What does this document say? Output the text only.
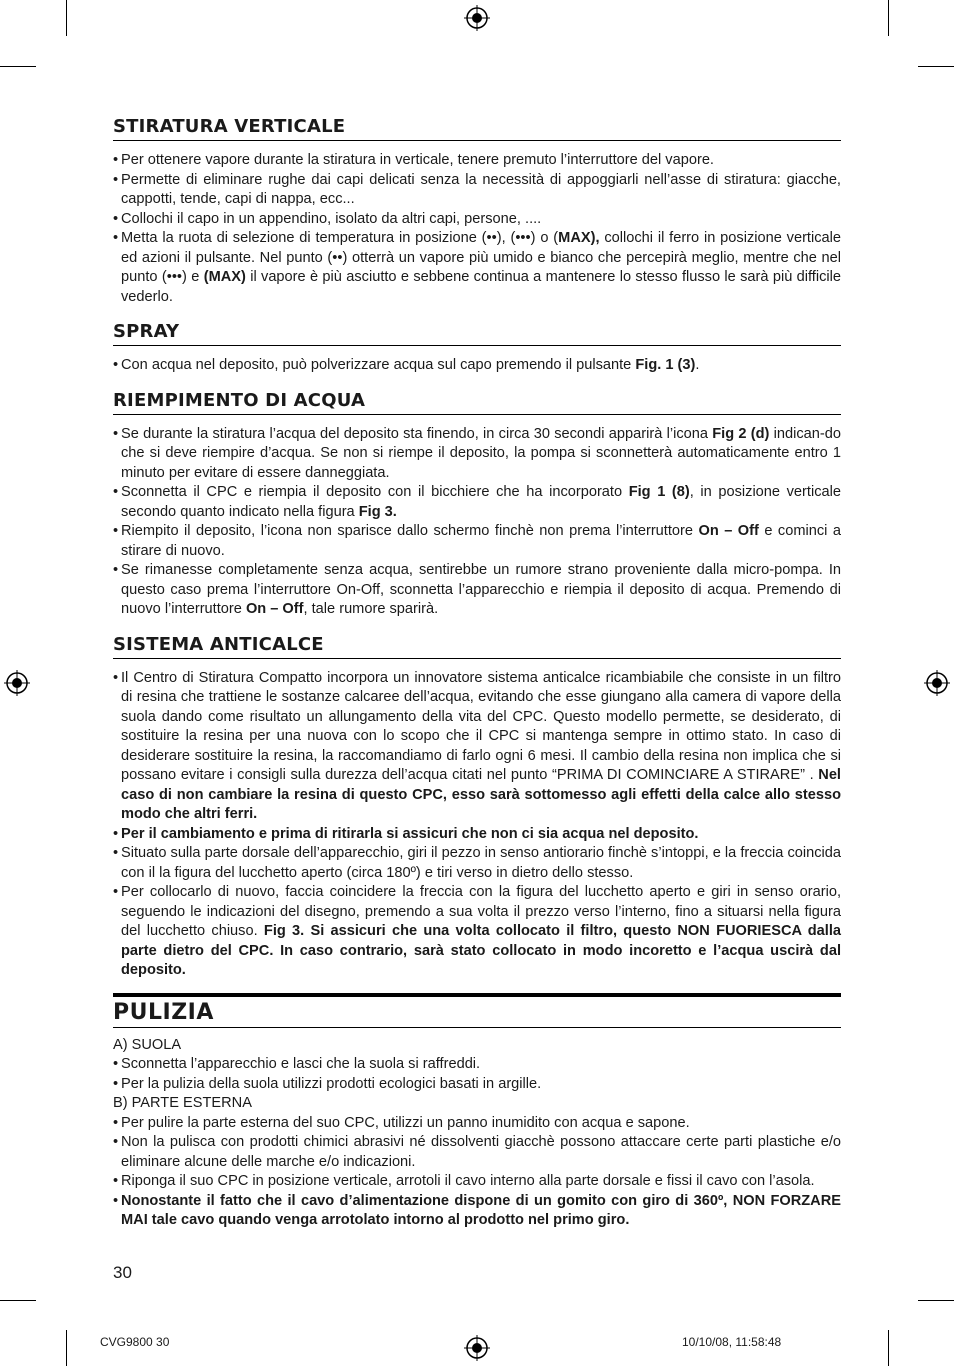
STIRATURA VERTICALE
• Per ottenere vapore durante la stiratura in verticale, tenere premuto l’interruttore del vapore.
• Permette di eliminare rughe dai capi delicati senza la necessità di appoggiarli nell’asse di stiratura: giacche, cappotti, tende, capi di nappa, ecc...
• Collochi il capo in un appendino, isolato da altri capi, persone, ....
• Metta la ruota di selezione di temperatura in posizione (••), (•••) o (MAX), collochi il ferro in posizione verticale ed azioni il pulsante. Nel punto (••) otterrà un vapore più umido e bianco che percepirà meglio, mentre che nel punto (•••) e (MAX) il vapore è più asciutto e sebbene continua a mantenere lo stesso flusso le sarà più difficile vederlo.
SPRAY
• Con acqua nel deposito, può polverizzare acqua sul capo premendo il pulsante Fig. 1 (3).
RIEMPIMENTO DI ACQUA
• Se durante la stiratura l’acqua del deposito sta finendo, in circa 30 secondi apparirà l’icona Fig 2 (d) indican-do che si deve riempire d’acqua. Se non si riempe il deposito, la pompa si sconnetterà automaticamente entro 1 minuto per evitare di essere danneggiata.
• Sconnetta il CPC e riempia il deposito con il bicchiere che ha incorporato Fig 1 (8), in posizione verticale secondo quanto indicato nella figura Fig 3.
• Riempito il deposito, l’icona non sparisce dallo schermo finchè non prema l’interruttore On – Off e cominci a stirare di nuovo.
• Se rimanesse completamente senza acqua, sentirebbe un rumore strano proveniente dalla micro-pompa. In questo caso prema l’interruttore On-Off, sconnetta l’apparecchio e riempia il deposito di acqua. Premendo di nuovo l’interruttore On – Off, tale rumore sparirà.
SISTEMA ANTICALCE
• Il Centro di Stiratura Compatto incorpora un innovatore sistema anticalce ricambiabile che consiste in un filtro di resina che trattiene le sostanze calcaree dell’acqua, evitando che esse giungano alla camera di vapore della suola dando come risultato un allungamento della vita del CPC. Questo modello permette, se desiderato, di sostituire la resina per una nuova con lo scopo che il CPC si mantenga sempre in ottimo stato. In caso di desiderare sostituire la resina, la raccomandiamo di farlo ogni 6 mesi. Il cambio della resina non implica che si possano evitare i consigli sulla durezza dell’acqua citati nel punto “PRIMA DI COMINCIARE A STIRARE” . Nel caso di non cambiare la resina di questo CPC, esso sarà sottomesso agli effetti della calce allo stesso modo che altri ferri.
• Per il cambiamento e prima di ritirarla si assicuri che non ci sia acqua nel deposito.
• Situato sulla parte dorsale dell’apparecchio, giri il pezzo in senso antiorario finchè s’intoppi, e la freccia coincida con il la figura del lucchetto aperto (circa 180º) e tiri verso in dietro dello stesso.
• Per collocarlo di nuovo, faccia coincidere la freccia con la figura del lucchetto aperto e giri in senso orario, seguendo le indicazioni del disegno, premendo a sua volta il prezzo verso l’interno, fino a situarsi nella figura del lucchetto chiuso. Fig 3. Si assicuri che una volta collocato il filtro, questo NON FUORIESCA dalla parte dietro del CPC. In caso contrario, sarà stato collocato in modo incoretto e l’acqua uscirà dal deposito.
PULIZIA
A) SUOLA
• Sconnetta l’apparecchio e lasci che la suola si raffreddi.
• Per la pulizia della suola utilizzi prodotti ecologici basati in argille.
B) PARTE ESTERNA
• Per pulire la parte esterna del suo CPC, utilizzi un panno inumidito con acqua e sapone.
• Non la pulisca con prodotti chimici abrasivi né dissolventi giacchè possono attaccare certe parti plastiche e/o eliminare alcune delle marche e/o indicazioni.
• Riponga il suo CPC in posizione verticale, arrotoli il cavo interno alla parte dorsale e fissi il cavo con l’asola.
• Nonostante il fatto che il cavo d’alimentazione dispone di un gomito con giro di 360º, NON FORZARE MAI tale cavo quando venga arrotolato intorno al prodotto nel primo giro.
30
CVG9800 30	10/10/08, 11:58:48
